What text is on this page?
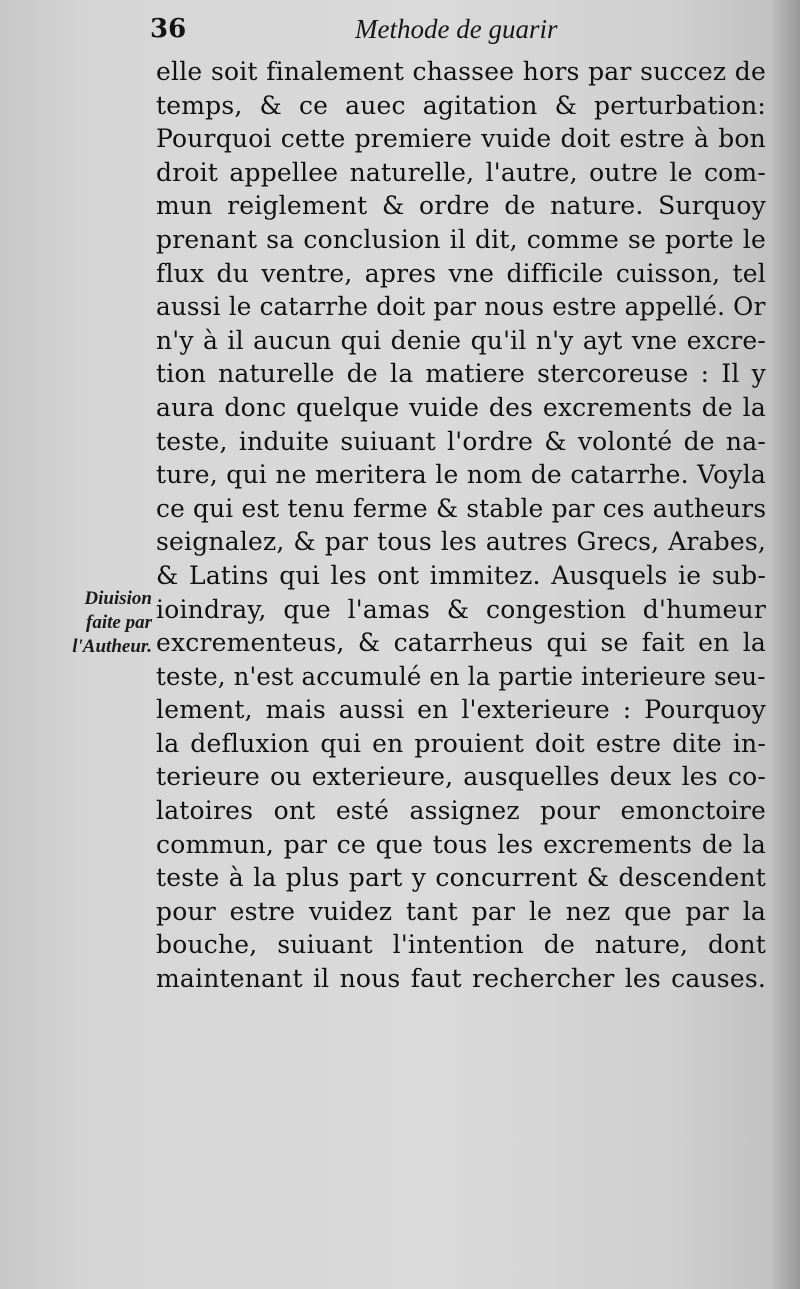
36	Methode de guarir
elle soit finalement chassee hors par succez de
temps, & ce auec agitation & perturbation:
Pourquoi cette premiere vuide doit estre à bon
droit appellee naturelle, l'autre, outre le com-
mun reiglement & ordre de nature. Surquoy
prenant sa conclusion il dit, comme se porte le
flux du ventre, apres vne difficile cuisson, tel
aussi le catarrhe doit par nous estre appellé. Or
n'y à il aucun qui denie qu'il n'y ayt vne excre-
tion naturelle de la matiere stercoreuse : Il y
aura donc quelque vuide des excrements de la
teste, induite suiuant l'ordre & volonté de na-
ture, qui ne meritera le nom de catarrhe. Voyla
ce qui est tenu ferme & stable par ces autheurs
seignalez, & par tous les autres Grecs, Arabes,
& Latins qui les ont immitez. Ausquels ie sub-
ioindray, que l'amas & congestion d'humeur
excrementeus, & catarrheus qui se fait en la
teste, n'est accumulé en la partie interieure seu-
lement, mais aussi en l'exterieure : Pourquoy
la defluxion qui en prouient doit estre dite in-
terieure ou exterieure, ausquelles deux les co-
latoires ont esté assignez pour emonctoire
commun, par ce que tous les excrements de la
teste à la plus part y concurrent & descendent
pour estre vuidez tant par le nez que par la
bouche, suiuant l'intention de nature, dont
maintenant il nous faut rechercher les causes.
Diuision
faite par
l'Autheur.
